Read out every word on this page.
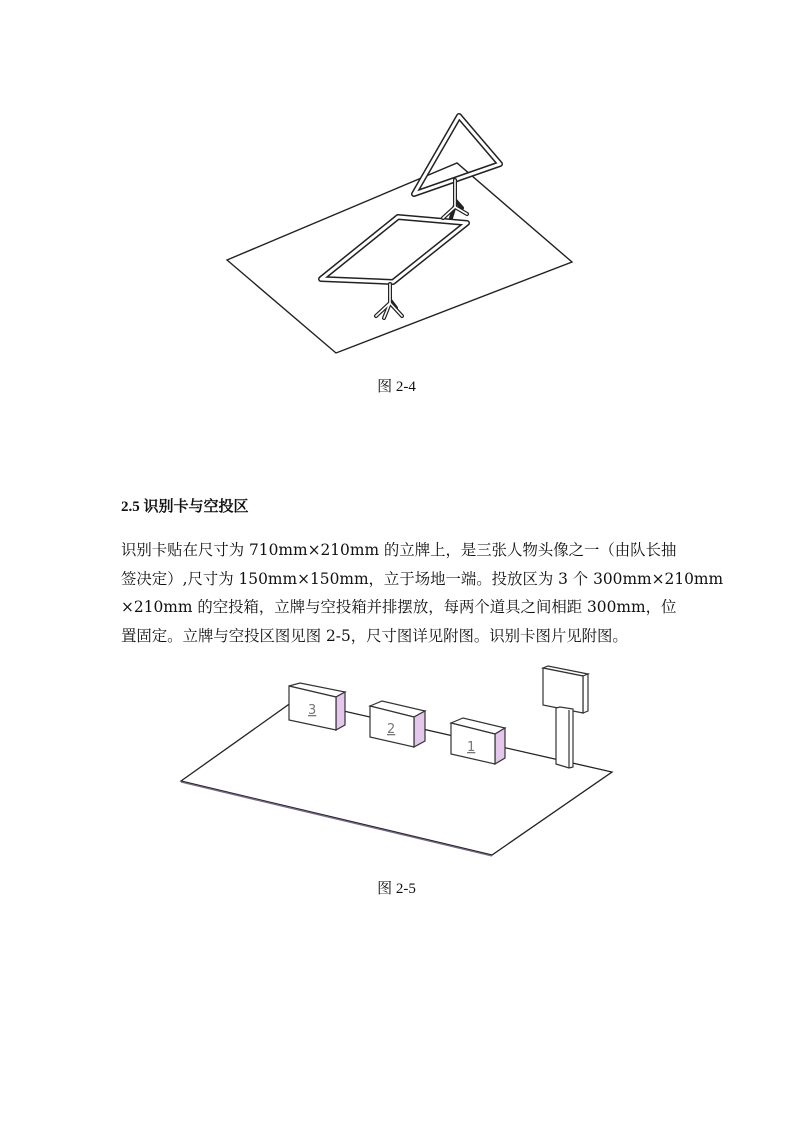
图 2-4
2.5 识别卡与空投区
识别卡贴在尺寸为 710mm×210mm 的立牌上，是三张人物头像之一（由队长抽
签决定）,尺寸为 150mm×150mm，立于场地一端。投放区为 3 个 300mm×210mm
×210mm 的空投箱，立牌与空投箱并排摆放，每两个道具之间相距 300mm，位
置固定。立牌与空投区图见图 2-5，尺寸图详见附图。识别卡图片见附图。
3
2
1
图 2-5
